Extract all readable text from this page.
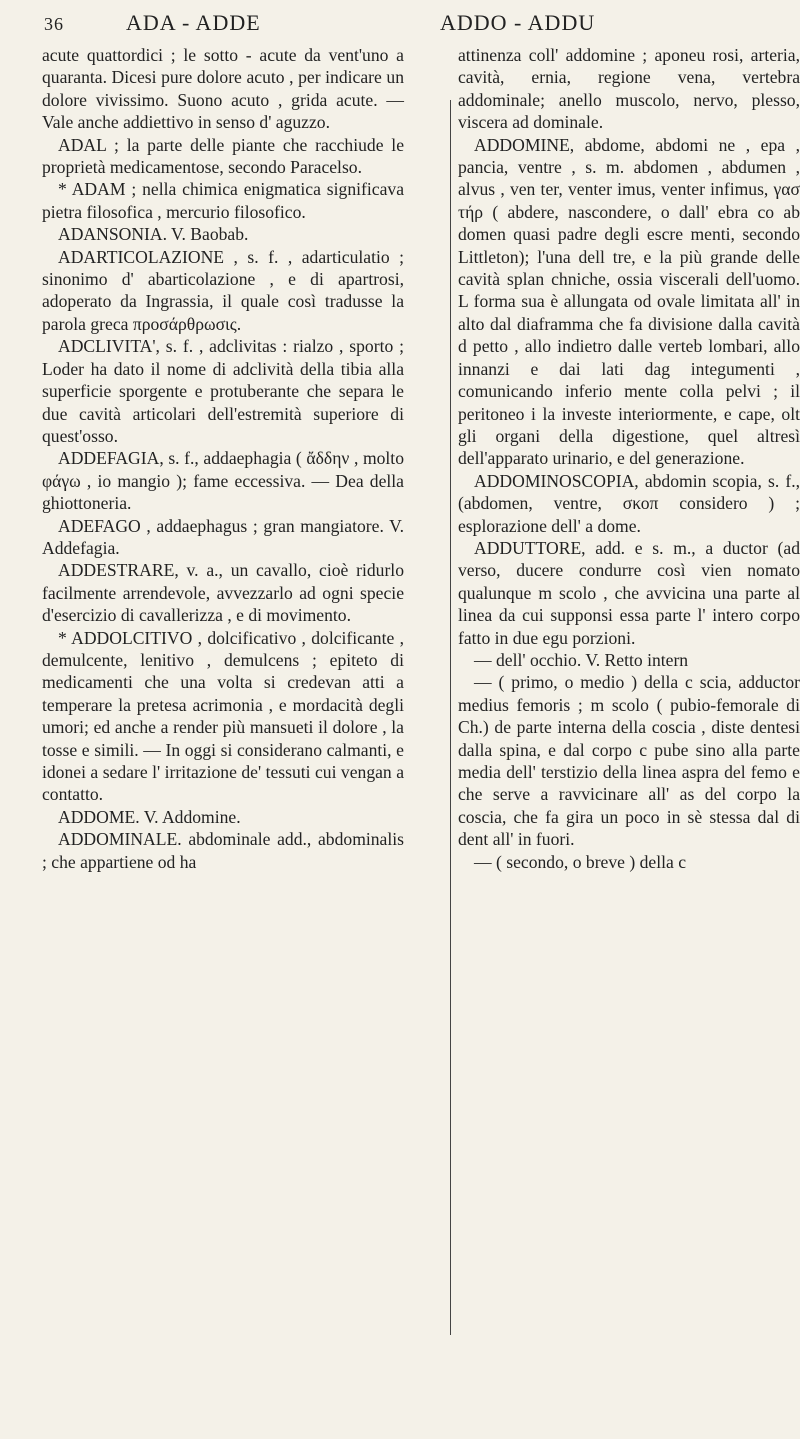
36	ADA - ADDE	ADDO - ADDU

acute quattordici ; le sotto - acute da vent'uno a quaranta. Dicesi pure dolore acuto , per indicare un dolore vivissimo. Suono acuto , grida acute. — Vale anche addiettivo in senso d' aguzzo.

ADAL ; la parte delle piante che racchiude le proprietà medicamentose, secondo Paracelso.

* ADAM ; nella chimica enigmatica significava pietra filosofica , mercurio filosofico.

ADANSONIA. V. Baobab.

ADARTICOLAZIONE , s. f. , adarticulatio ; sinonimo d' abarticolazione , e di apartrosi, adoperato da Ingrassia, il quale così tradusse la parola greca προσάρθρωσις.

ADCLIVITA', s. f. , adclivitas : rialzo , sporto ; Loder ha dato il nome di adclività della tibia alla superficie sporgente e protuberante che separa le due cavità articolari dell'estremità superiore di quest'osso.

ADDEFAGIA, s. f., addaephagia ( ἄδδην , molto φάγω , io mangio ); fame eccessiva. — Dea della ghiottoneria.

ADEFAGO , addaephagus ; gran mangiatore. V. Addefagia.

ADDESTRARE, v. a., un cavallo, cioè ridurlo facilmente arrendevole, avvezzarlo ad ogni specie d'esercizio di cavallerizza , e di movimento.

* ADDOLCITIVO , dolcificativo , dolcificante , demulcente, lenitivo , demulcens ; epiteto di medicamenti che una volta si credevan atti a temperare la pretesa acrimonia , e mordacità degli umori; ed anche a render più mansueti il dolore , la tosse e simili. — In oggi si considerano calmanti, e idonei a sedare l' irritazione de' tessuti cui vengan a contatto.

ADDOME. V. Addomine.

ADDOMINALE. abdominale add., abdominalis ; che appartiene od ha

attinenza coll' addomine ; aponeu rosi, arteria, cavità, ernia, regione vena, vertebra addominale; anello muscolo, nervo, plesso, viscera ad dominale.

ADDOMINE, abdome, abdomi ne , epa , pancia, ventre , s. m. abdomen , abdumen , alvus , ven ter, venter imus, venter infimus, γασ τήρ ( abdere, nascondere, o dall' ebra co ab domen quasi padre degli escre menti, secondo Littleton); l'una dell tre, e la più grande delle cavità splan chniche, ossia viscerali dell'uomo. L forma sua è allungata od ovale limitata all' in alto dal diaframma che fa divisione dalla cavità d petto , allo indietro dalle verteb lombari, allo innanzi e dai lati dag integumenti , comunicando inferio mente colla pelvi ; il peritoneo i la investe interiormente, e cape, olt gli organi della digestione, quel altresì dell'apparato urinario, e del generazione.

ADDOMINOSCOPIA, abdomin scopia, s. f., (abdomen, ventre, σκοπ considero ) ; esplorazione dell' a dome.

ADDUTTORE, add. e s. m., a ductor (ad verso, ducere condurre così vien nomato qualunque m scolo , che avvicina una parte al linea da cui supponsi essa parte l' intero corpo fatto in due egu porzioni.

— dell' occhio. V. Retto intern

— ( primo, o medio ) della c scia, adductor medius femoris ; m scolo ( pubio-femorale di Ch.) de parte interna della coscia , diste dentesi dalla spina, e dal corpo c pube sino alla parte media dell' terstizio della linea aspra del femo e che serve a ravvicinare all' as del corpo la coscia, che fa gira un poco in sè stessa dal di dent all' in fuori.

— ( secondo, o breve ) della c
